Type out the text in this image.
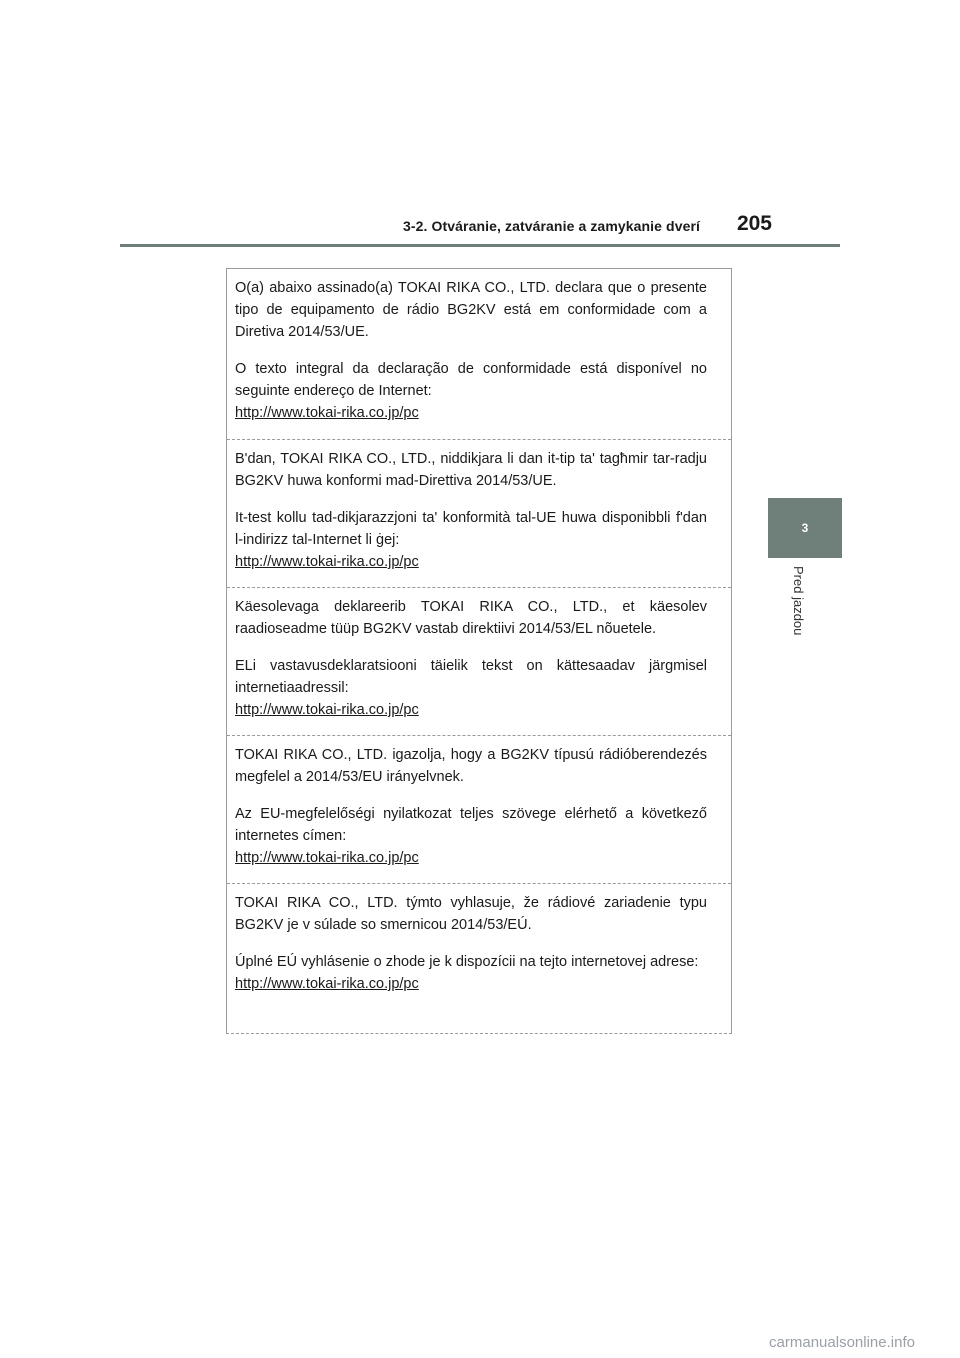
3-2. Otváranie, zatváranie a zamykanie dverí 205
3
Pred jazdou

O(a) abaixo assinado(a) TOKAI RIKA CO., LTD. declara que o presente tipo de equipamento de rádio BG2KV está em conformidade com a Diretiva 2014/53/UE.

O texto integral da declaração de conformidade está disponível no seguinte endereço de Internet:

http://www.tokai-rika.co.jp/pc

B'dan, TOKAI RIKA CO., LTD., niddikjara li dan it-tip ta' tagħmir tar-radju BG2KV huwa konformi mad-Direttiva 2014/53/UE.

It-test kollu tad-dikjarazzjoni ta' konformità tal-UE huwa disponibbli f'dan l-indirizz tal-Internet li ġej:

http://www.tokai-rika.co.jp/pc

Käesolevaga deklareerib TOKAI RIKA CO., LTD., et käesolev raadioseadme tüüp BG2KV vastab direktiivi 2014/53/EL nõuetele.

ELi vastavusdeklaratsiooni täielik tekst on kättesaadav järgmisel internetiaadressil:

http://www.tokai-rika.co.jp/pc

TOKAI RIKA CO., LTD. igazolja, hogy a BG2KV típusú rádióberendezés megfelel a 2014/53/EU irányelvnek.

Az EU-megfelelőségi nyilatkozat teljes szövege elérhető a következő internetes címen:

http://www.tokai-rika.co.jp/pc

TOKAI RIKA CO., LTD. týmto vyhlasuje, že rádiové zariadenie typu BG2KV je v súlade so smernicou 2014/53/EÚ.

Úplné EÚ vyhlásenie o zhode je k dispozícii na tejto internetovej adrese:

http://www.tokai-rika.co.jp/pc
carmanualsonline.info
